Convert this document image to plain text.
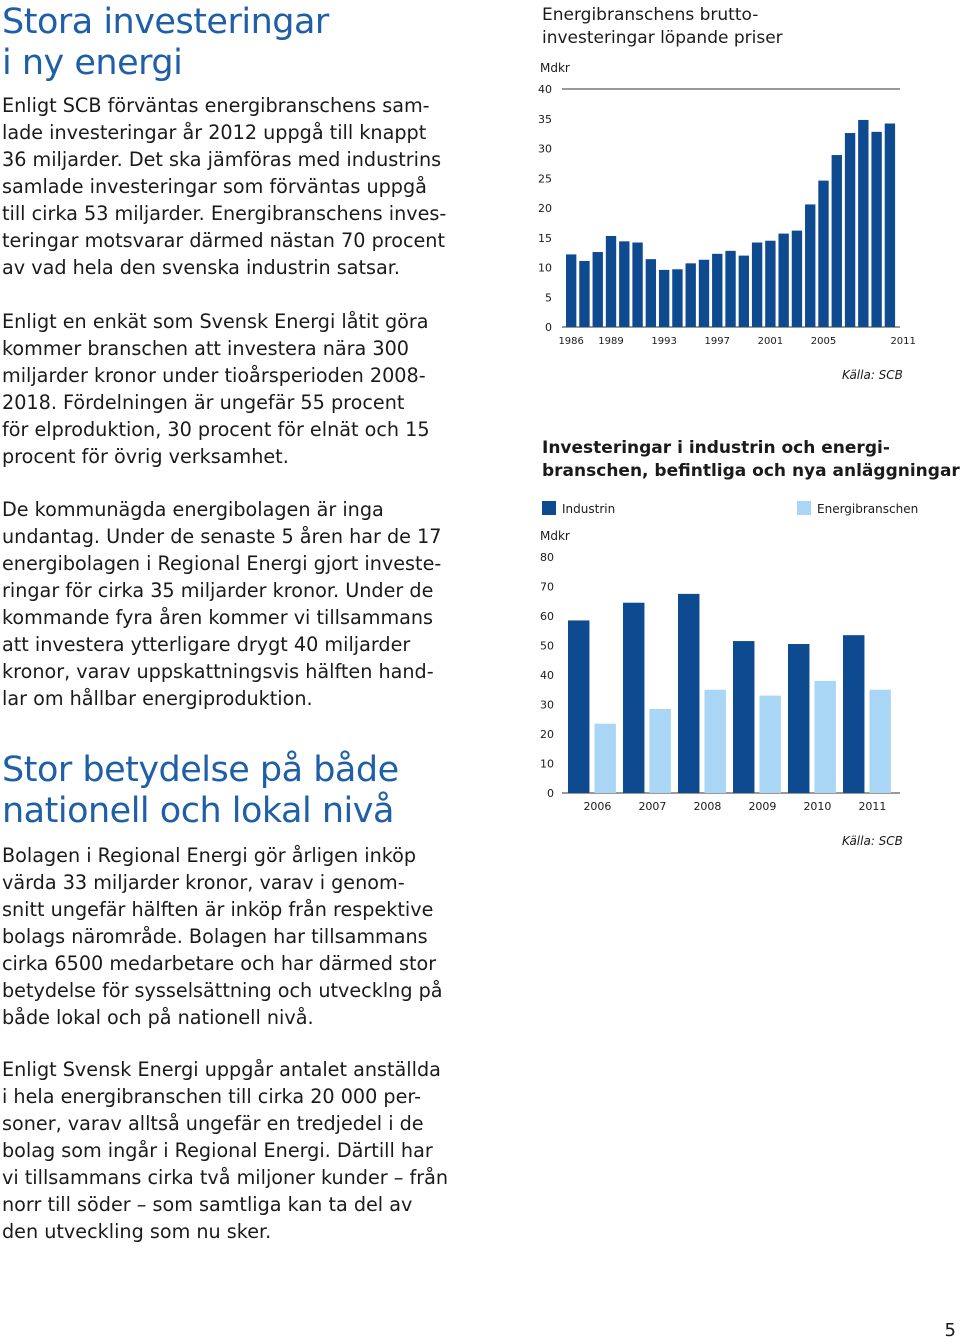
Stora investeringar
i ny energi
Enligt SCB förväntas energibranschens sam-
lade investeringar år 2012 uppgå till knappt
36 miljarder. Det ska jämföras med industrins
samlade investeringar som förväntas uppgå
till cirka 53 miljarder. Energibranschens inves-
teringar motsvarar därmed nästan 70 procent
av vad hela den svenska industrin satsar.
Enligt en enkät som Svensk Energi låtit göra
kommer branschen att investera nära 300
miljarder kronor under tioårsperioden 2008-
2018. Fördelningen är ungefär 55 procent
för elproduktion, 30 procent för elnät och 15
procent för övrig verksamhet.
De kommunägda energibolagen är inga
undantag. Under de senaste 5 åren har de 17
energibolagen i Regional Energi gjort investe-
ringar för cirka 35 miljarder kronor. Under de
kommande fyra åren kommer vi tillsammans
att investera ytterligare drygt 40 miljarder
kronor, varav uppskattningsvis hälften hand-
lar om hållbar energiproduktion.
Stor betydelse på både
nationell och lokal nivå
Bolagen i Regional Energi gör årligen inköp
värda 33 miljarder kronor, varav i genom-
snitt ungefär hälften är inköp från respektive
bolags närområde. Bolagen har tillsammans
cirka 6500 medarbetare och har därmed stor
betydelse för sysselsättning och utvecklng på
både lokal och på nationell nivå.
Enligt Svensk Energi uppgår antalet anställda
i hela energibranschen till cirka 20 000 per-
soner, varav alltså ungefär en tredjedel i de
bolag som ingår i Regional Energi. Därtill har
vi tillsammans cirka två miljoner kunder – från
norr till söder – som samtliga kan ta del av
den utveckling som nu sker.
Energibranschens brutto-
investeringar löpande priser
Mdkr
0
5
10
15
20
25
30
35
40
1986 1989	1993	1997	2001	2005	2011
Källa: SCB
Investeringar i industrin och energi-
branschen, befintliga och nya anläggningar
Industrin	Energibranschen
Mdkr
0
10
20
30
40
50
60
70
80
2006 2007 2008 2009 2010 2011
Källa: SCB
5
